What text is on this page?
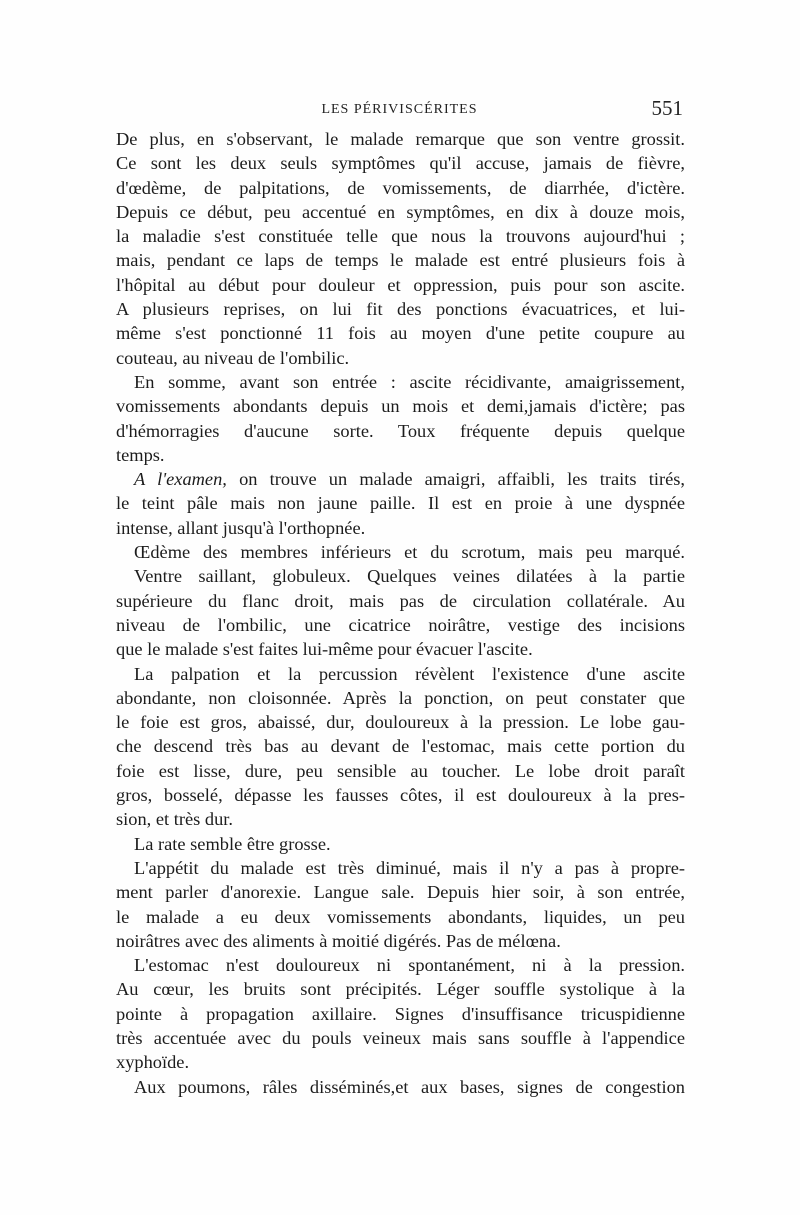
LES PÉRIVISCÉRITES	551
De plus, en s'observant, le malade remarque que son ventre grossit.
Ce sont les deux seuls symptômes qu'il accuse, jamais de fièvre,
d'œdème, de palpitations, de vomissements, de diarrhée, d'ictère.
Depuis ce début, peu accentué en symptômes, en dix à douze mois,
la maladie s'est constituée telle que nous la trouvons aujourd'hui ;
mais, pendant ce laps de temps le malade est entré plusieurs fois à
l'hôpital au début pour douleur et oppression, puis pour son ascite.
A plusieurs reprises, on lui fit des ponctions évacuatrices, et lui-
même s'est ponctionné 11 fois au moyen d'une petite coupure au
couteau, au niveau de l'ombilic.
En somme, avant son entrée : ascite récidivante, amaigrissement,
vomissements abondants depuis un mois et demi,jamais d'ictère; pas
d'hémorragies d'aucune sorte. Toux fréquente depuis quelque
temps.
A l'examen, on trouve un malade amaigri, affaibli, les traits tirés,
le teint pâle mais non jaune paille. Il est en proie à une dyspnée
intense, allant jusqu'à l'orthopnée.
Œdème des membres inférieurs et du scrotum, mais peu marqué.
Ventre saillant, globuleux. Quelques veines dilatées à la partie
supérieure du flanc droit, mais pas de circulation collatérale. Au
niveau de l'ombilic, une cicatrice noirâtre, vestige des incisions
que le malade s'est faites lui-même pour évacuer l'ascite.
La palpation et la percussion révèlent l'existence d'une ascite
abondante, non cloisonnée. Après la ponction, on peut constater que
le foie est gros, abaissé, dur, douloureux à la pression. Le lobe gau-
che descend très bas au devant de l'estomac, mais cette portion du
foie est lisse, dure, peu sensible au toucher. Le lobe droit paraît
gros, bosselé, dépasse les fausses côtes, il est douloureux à la pres-
sion, et très dur.
La rate semble être grosse.
L'appétit du malade est très diminué, mais il n'y a pas à propre-
ment parler d'anorexie. Langue sale. Depuis hier soir, à son entrée,
le malade a eu deux vomissements abondants, liquides, un peu
noirâtres avec des aliments à moitié digérés. Pas de mélœna.
L'estomac n'est douloureux ni spontanément, ni à la pression.
Au cœur, les bruits sont précipités. Léger souffle systolique à la
pointe à propagation axillaire. Signes d'insuffisance tricuspidienne
très accentuée avec du pouls veineux mais sans souffle à l'appendice
xyphoïde.
Aux poumons, râles disséminés,et aux bases, signes de congestion
